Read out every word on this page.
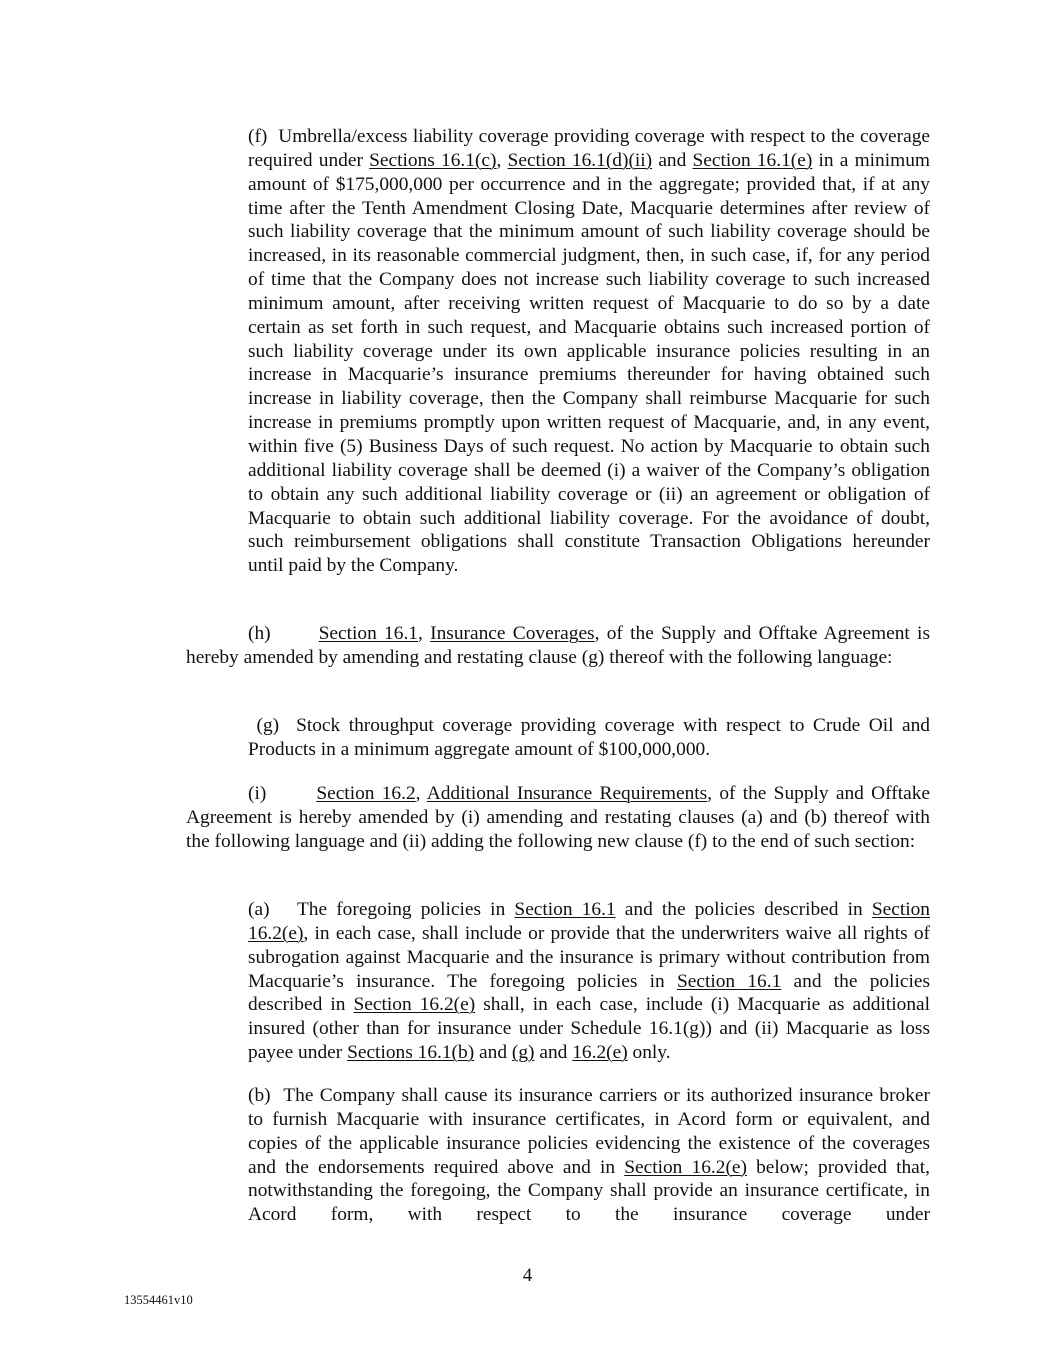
(f) Umbrella/excess liability coverage providing coverage with respect to the coverage required under Sections 16.1(c), Section 16.1(d)(ii) and Section 16.1(e) in a minimum amount of $175,000,000 per occurrence and in the aggregate; provided that, if at any time after the Tenth Amendment Closing Date, Macquarie determines after review of such liability coverage that the minimum amount of such liability coverage should be increased, in its reasonable commercial judgment, then, in such case, if, for any period of time that the Company does not increase such liability coverage to such increased minimum amount, after receiving written request of Macquarie to do so by a date certain as set forth in such request, and Macquarie obtains such increased portion of such liability coverage under its own applicable insurance policies resulting in an increase in Macquarie’s insurance premiums thereunder for having obtained such increase in liability coverage, then the Company shall reimburse Macquarie for such increase in premiums promptly upon written request of Macquarie, and, in any event, within five (5) Business Days of such request. No action by Macquarie to obtain such additional liability coverage shall be deemed (i) a waiver of the Company’s obligation to obtain any such additional liability coverage or (ii) an agreement or obligation of Macquarie to obtain such additional liability coverage. For the avoidance of doubt, such reimbursement obligations shall constitute Transaction Obligations hereunder until paid by the Company.

(h) Section 16.1, Insurance Coverages, of the Supply and Offtake Agreement is hereby amended by amending and restating clause (g) thereof with the following language:

(g) Stock throughput coverage providing coverage with respect to Crude Oil and Products in a minimum aggregate amount of $100,000,000.

(i)	Section 16.2, Additional Insurance Requirements, of the Supply and Offtake Agreement is hereby amended by (i) amending and restating clauses (a) and (b) thereof with the following language and (ii) adding the following new clause (f) to the end of such section:

(a) The foregoing policies in Section 16.1 and the policies described in Section 16.2(e), in each case, shall include or provide that the underwriters waive all rights of subrogation against Macquarie and the insurance is primary without contribution from Macquarie’s insurance. The foregoing policies in Section 16.1 and the policies described in Section 16.2(e) shall, in each case, include (i) Macquarie as additional insured (other than for insurance under Schedule 16.1(g)) and (ii) Macquarie as loss payee under Sections 16.1(b) and (g) and 16.2(e) only.

(b) The Company shall cause its insurance carriers or its authorized insurance broker to furnish Macquarie with insurance certificates, in Acord form or equivalent, and copies of the applicable insurance policies evidencing the existence of the coverages and the endorsements required above and in Section 16.2(e) below; provided that, notwithstanding the foregoing, the Company shall provide an insurance certificate, in Acord form, with respect to the insurance coverage under

4
13554461v10
